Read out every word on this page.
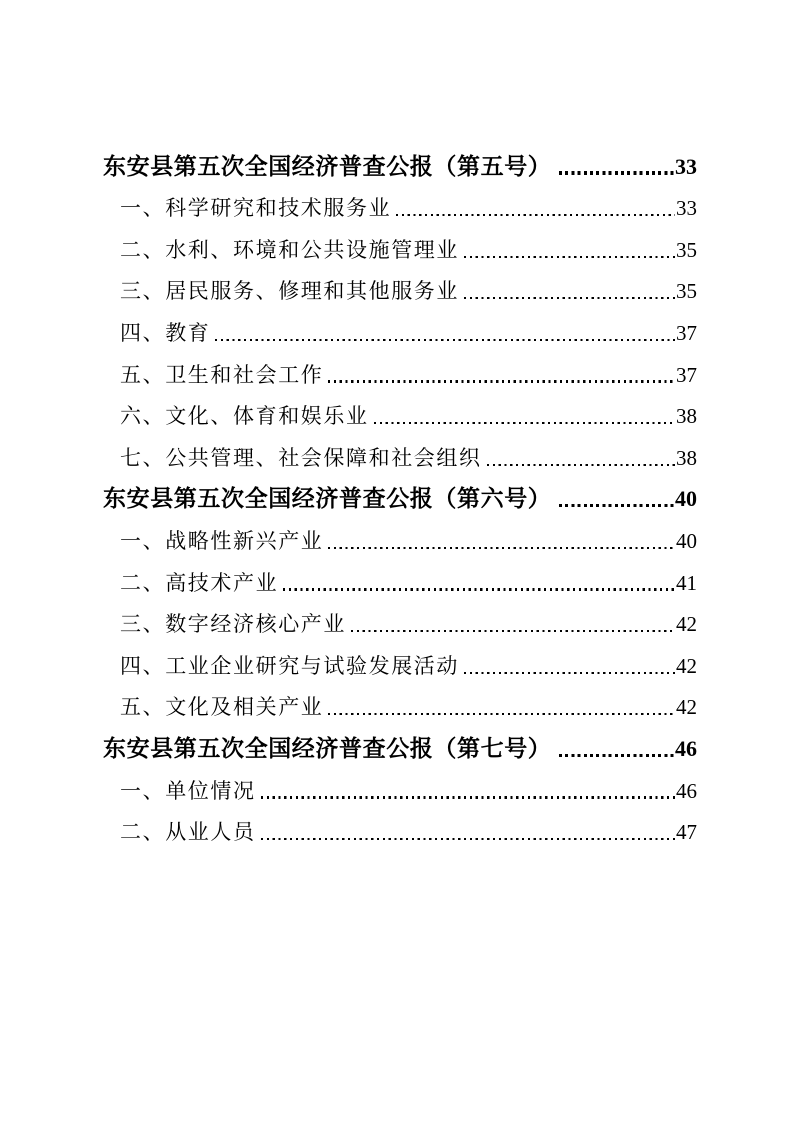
东安县第五次全国经济普查公报（第五号）	33
一、科学研究和技术服务业	33
二、水利、环境和公共设施管理业	35
三、居民服务、修理和其他服务业	35
四、教育	37
五、卫生和社会工作	37
六、文化、体育和娱乐业	38
七、公共管理、社会保障和社会组织	38
东安县第五次全国经济普查公报（第六号）	40
一、战略性新兴产业	40
二、高技术产业	41
三、数字经济核心产业	42
四、工业企业研究与试验发展活动	42
五、文化及相关产业	42
东安县第五次全国经济普查公报（第七号）	46
一、单位情况	46
二、从业人员	47
